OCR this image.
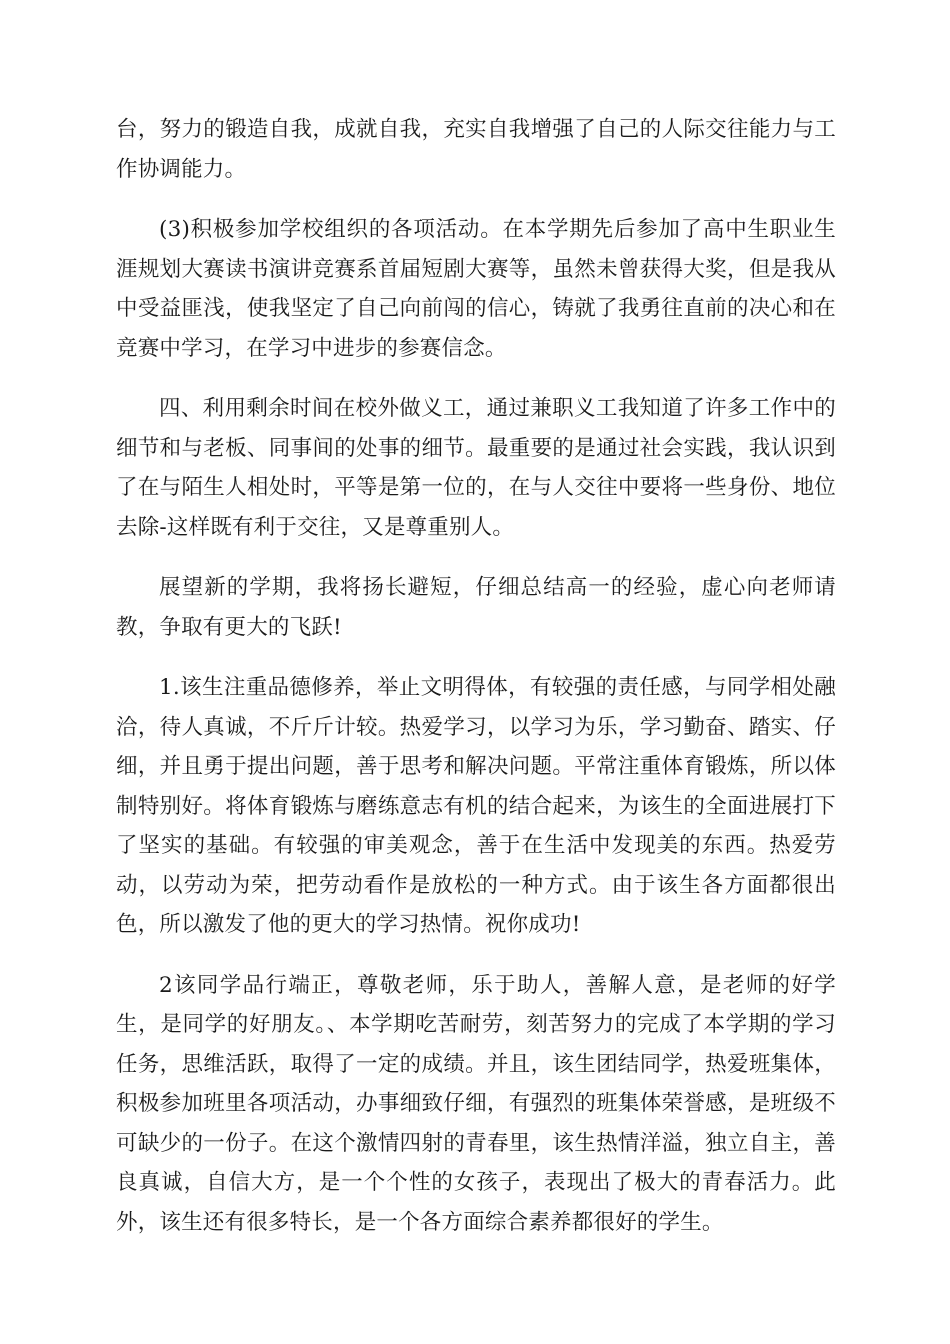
台，努力的锻造自我，成就自我，充实自我增强了自己的人际交往能力与工作协调能力。

(3)积极参加学校组织的各项活动。在本学期先后参加了高中生职业生涯规划大赛读书演讲竞赛系首届短剧大赛等，虽然未曾获得大奖，但是我从中受益匪浅，使我坚定了自己向前闯的信心，铸就了我勇往直前的决心和在竞赛中学习，在学习中进步的参赛信念。

四、利用剩余时间在校外做义工，通过兼职义工我知道了许多工作中的细节和与老板、同事间的处事的细节。最重要的是通过社会实践，我认识到了在与陌生人相处时，平等是第一位的，在与人交往中要将一些身份、地位去除-这样既有利于交往，又是尊重别人。

展望新的学期，我将扬长避短，仔细总结高一的经验，虚心向老师请教，争取有更大的飞跃!

1.该生注重品德修养，举止文明得体，有较强的责任感，与同学相处融洽，待人真诚，不斤斤计较。热爱学习，以学习为乐，学习勤奋、踏实、仔细，并且勇于提出问题，善于思考和解决问题。平常注重体育锻炼，所以体制特别好。将体育锻炼与磨练意志有机的结合起来，为该生的全面进展打下了坚实的基础。有较强的审美观念，善于在生活中发现美的东西。热爱劳动，以劳动为荣，把劳动看作是放松的一种方式。由于该生各方面都很出色，所以激发了他的更大的学习热情。祝你成功!

2该同学品行端正，尊敬老师，乐于助人，善解人意，是老师的好学生，是同学的好朋友。、本学期吃苦耐劳，刻苦努力的完成了本学期的学习任务，思维活跃，取得了一定的成绩。并且，该生团结同学，热爱班集体，积极参加班里各项活动，办事细致仔细，有强烈的班集体荣誉感，是班级不可缺少的一份子。在这个激情四射的青春里，该生热情洋溢，独立自主，善良真诚，自信大方，是一个个性的女孩子，表现出了极大的青春活力。此外，该生还有很多特长，是一个各方面综合素养都很好的学生。
